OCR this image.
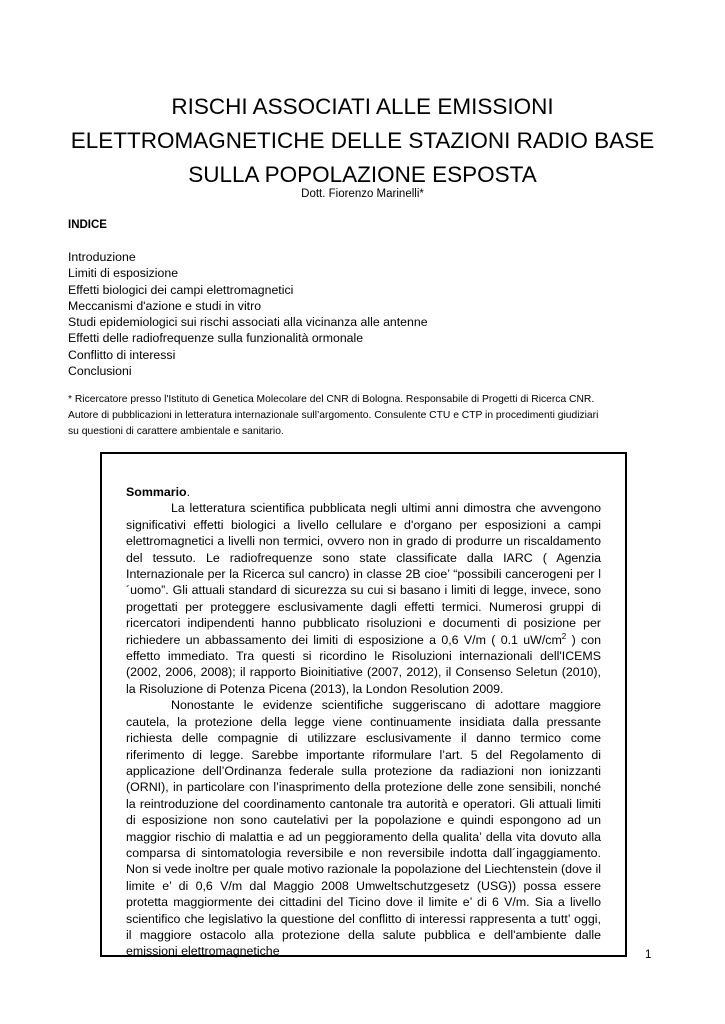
RISCHI ASSOCIATI ALLE EMISSIONI
ELETTROMAGNETICHE DELLE STAZIONI RADIO BASE
SULLA POPOLAZIONE ESPOSTA

Dott. Fiorenzo Marinelli*

INDICE

Introduzione
Limiti di esposizione
Effetti biologici dei campi elettromagnetici
Meccanismi d'azione e studi in vitro
Studi epidemiologici sui rischi associati alla vicinanza alle antenne
Effetti delle radiofrequenze sulla funzionalità ormonale
Conflitto di interessi
Conclusioni

* Ricercatore presso l'Istituto di Genetica Molecolare del CNR di Bologna. Responsabile di Progetti di Ricerca CNR.
Autore di pubblicazioni in letteratura internazionale sull’argomento. Consulente CTU e CTP in procedimenti giudiziari
su questioni di carattere ambientale e sanitario.

Sommario.
La letteratura scientifica pubblicata negli ultimi anni dimostra che avvengono significativi effetti biologici a livello cellulare e d'organo per esposizioni a campi elettromagnetici a livelli non termici, ovvero non in grado di produrre un riscaldamento del tessuto. Le radiofrequenze sono state classificate dalla IARC ( Agenzia Internazionale per la Ricerca sul cancro) in classe 2B cioe’ “possibili cancerogeni per l´uomo”. Gli attuali standard di sicurezza su cui si basano i limiti di legge, invece, sono progettati per proteggere esclusivamente dagli effetti termici. Numerosi gruppi di ricercatori indipendenti hanno pubblicato risoluzioni e documenti di posizione per richiedere un abbassamento dei limiti di esposizione a 0,6 V/m ( 0.1 $uW/cm^2$ ) con effetto immediato. Tra questi si ricordino le Risoluzioni internazionali dell'ICEMS (2002, 2006, 2008); il rapporto Bioinitiative (2007, 2012), il Consenso Seletun (2010), la Risoluzione di Potenza Picena (2013), la London Resolution 2009.
Nonostante le evidenze scientifiche suggeriscano di adottare maggiore cautela, la protezione della legge viene continuamente insidiata dalla pressante richiesta delle compagnie di utilizzare esclusivamente il danno termico come riferimento di legge. Sarebbe importante riformulare l’art. 5 del Regolamento di applicazione dell’Ordinanza federale sulla protezione da radiazioni non ionizzanti (ORNI), in particolare con l’inasprimento della protezione delle zone sensibili, nonché la reintroduzione del coordinamento cantonale tra autorità e operatori. Gli attuali limiti di esposizione non sono cautelativi per la popolazione e quindi espongono ad un maggior rischio di malattia e ad un peggioramento della qualita’ della vita dovuto alla comparsa di sintomatologia reversibile e non reversibile indotta dall´ingaggiamento. Non si vede inoltre per quale motivo razionale la popolazione del Liechtenstein (dove il limite e’ di 0,6 V/m dal Maggio 2008 Umweltschutzgesetz (USG)) possa essere protetta maggiormente dei cittadini del Ticino dove il limite e’ di 6 V/m. Sia a livello scientifico che legislativo la questione del conflitto di interessi rappresenta a tutt’ oggi, il maggiore ostacolo alla protezione della salute pubblica e dell'ambiente dalle emissioni elettromagnetiche	1
